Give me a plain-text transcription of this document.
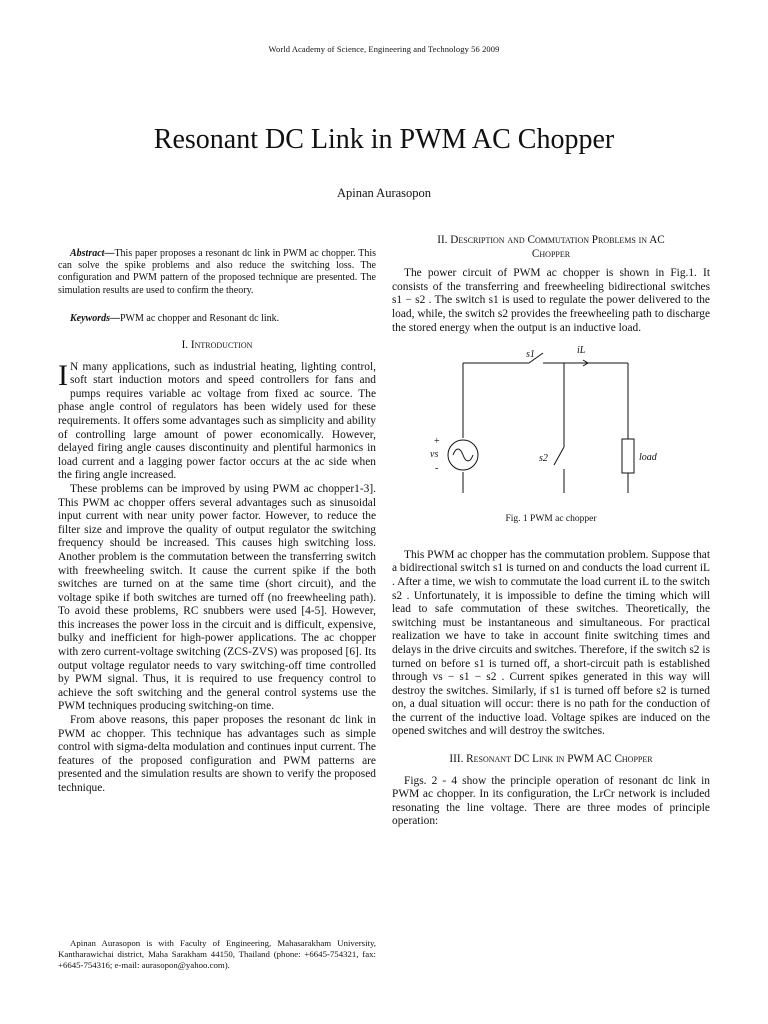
World Academy of Science, Engineering and Technology 56 2009
Resonant DC Link in PWM AC Chopper
Apinan Aurasopon

Abstract—This paper proposes a resonant dc link in PWM ac chopper. This can solve the spike problems and also reduce the switching loss. The configuration and PWM pattern of the proposed technique are presented. The simulation results are used to confirm the theory.

Keywords—PWM ac chopper and Resonant dc link.

I. Introduction

I N many applications, such as industrial heating, lighting control, soft start induction motors and speed controllers for fans and pumps requires variable ac voltage from fixed ac source. The phase angle control of regulators has been widely used for these requirements. It offers some advantages such as simplicity and ability of controlling large amount of power economically. However, delayed firing angle causes discontinuity and plentiful harmonics in load current and a lagging power factor occurs at the ac side when the firing angle increased.

These problems can be improved by using PWM ac chopper1-3]. This PWM ac chopper offers several advantages such as sinusoidal input current with near unity power factor. However, to reduce the filter size and improve the quality of output regulator the switching frequency should be increased. This causes high switching loss. Another problem is the commutation between the transferring switch with freewheeling switch. It cause the current spike if the both switches are turned on at the same time (short circuit), and the voltage spike if both switches are turned off (no freewheeling path). To avoid these problems, RC snubbers were used [4-5]. However, this increases the power loss in the circuit and is difficult, expensive, bulky and inefficient for high-power applications. The ac chopper with zero current-voltage switching (ZCS-ZVS) was proposed [6]. Its output voltage regulator needs to vary switching-off time controlled by PWM signal. Thus, it is required to use frequency control to achieve the soft switching and the general control systems use the PWM techniques producing switching-on time.

From above reasons, this paper proposes the resonant dc link in PWM ac chopper. This technique has advantages such as simple control with sigma-delta modulation and continues input current. The features of the proposed configuration and PWM patterns are presented and the simulation results are shown to verify the proposed technique.

Apinan Aurasopon is with Faculty of Engineering, Mahasarakham University, Kantharawichai district, Maha Sarakham 44150, Thailand (phone: +6645-754321, fax: +6645-754316; e-mail: aurasopon@yahoo.com).
II. Description and Commutation Problems in AC
Chopper

The power circuit of PWM ac chopper is shown in Fig.1. It consists of the transferring and freewheeling bidirectional switches s1 − s2 . The switch s1 is used to regulate the power delivered to the load, while, the switch s2 provides the freewheeling path to discharge the stored energy when the output is an inductive load.

s1	iL
s2
vs	load
+
-
Fig. 1 PWM ac chopper

This PWM ac chopper has the commutation problem. Suppose that a bidirectional switch s1 is turned on and conducts the load current iL . After a time, we wish to commutate the load current iL to the switch s2 . Unfortunately, it is impossible to define the timing which will lead to safe commutation of these switches. Theoretically, the switching must be instantaneous and simultaneous. For practical realization we have to take in account finite switching times and delays in the drive circuits and switches. Therefore, if the switch s2 is turned on before s1 is turned off, a short-circuit path is established through vs − s1 − s2 . Current spikes generated in this way will destroy the switches. Similarly, if s1 is turned off before s2 is turned on, a dual situation will occur: there is no path for the conduction of the current of the inductive load. Voltage spikes are induced on the opened switches and will destroy the switches.

III. Resonant DC Link in PWM AC Chopper

Figs. 2 - 4 show the principle operation of resonant dc link in PWM ac chopper. In its configuration, the LrCr network is included resonating the line voltage. There are three modes of principle operation:
